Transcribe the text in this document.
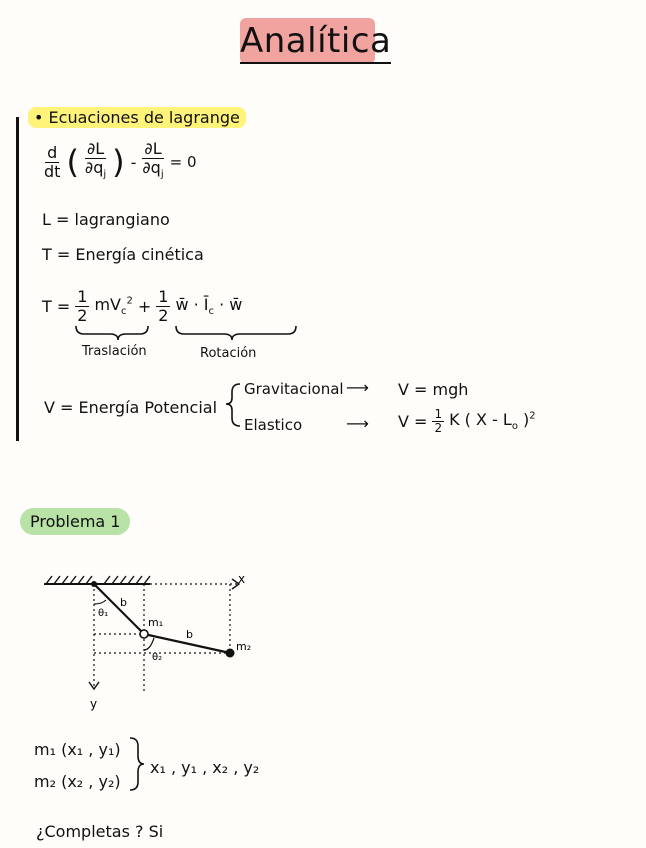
Analítica
• Ecuaciones de lagrange
$\frac{d}{dt}$ ( $\frac{\partial L}{\partial q_j}$ ) - $\frac{\partial L}{\partial q_j} = 0$
L = lagrangiano
T = Energía cinética
$T = \frac{1}{2} mV_c^2 + \frac{1}{2}$ w̄ · $Ī_c$ · w̄
Traslación	Rotación
V = Energía Potencial
Gravitacional ⟶ V = mgh
Elastico	⟶ $V = \frac{1}{2}$ K ( X - $L_o$ )$^2$
Problema 1
x
y
θ₁
θ₂
b
b
m₁
m₂
m₁ (x₁ , y₁)
m₂ (x₂ , y₂)
x₁ , y₁ , x₂ , y₂
¿Completas ? Si
